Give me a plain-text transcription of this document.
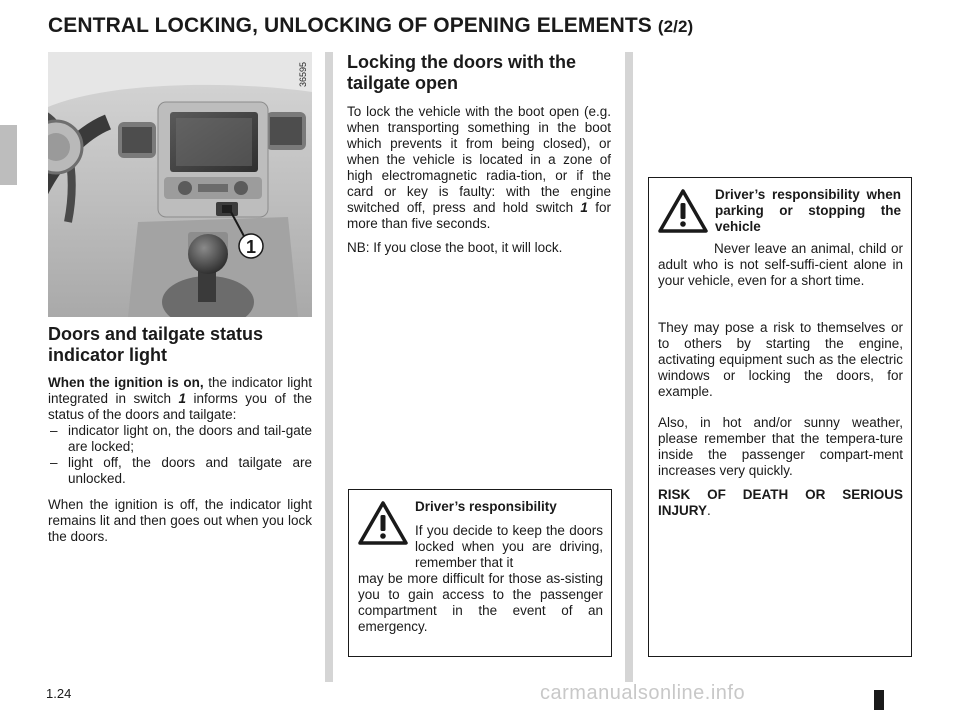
CENTRAL LOCKING, UNLOCKING OF OPENING ELEMENTS (2/2)
1
36595
Doors and tailgate status indicator light

When the ignition is on, the indicator light integrated in switch 1 informs you of the status of the doors and tailgate:

– indicator light on, the doors and tail-gate are locked;
– light off, the doors and tailgate are unlocked.

When the ignition is off, the indicator light remains lit and then goes out when you lock the doors.

Locking the doors with the tailgate open

To lock the vehicle with the boot open (e.g. when transporting something in the boot which prevents it from being closed), or when the vehicle is located in a zone of high electromagnetic radia-tion, or if the card or key is faulty: with the engine switched off, press and hold switch 1 for more than five seconds.

NB: If you close the boot, it will lock.

Driver’s responsibility

If you decide to keep the doors locked when you are driving, remember that it

may be more difficult for those as-sisting you to gain access to the passenger compartment in the event of an emergency.

Driver’s responsibility when parking or stopping the vehicle

Never leave an animal, child or adult who is not self-suffi-cient alone in your vehicle, even for a short time.

They may pose a risk to themselves or to others by starting the engine, activating equipment such as the electric windows or locking the doors, for example.

Also, in hot and/or sunny weather, please remember that the tempera-ture inside the passenger compart-ment increases very quickly.

RISK OF DEATH OR SERIOUS INJURY.

1.24	carmanualsonline.info
